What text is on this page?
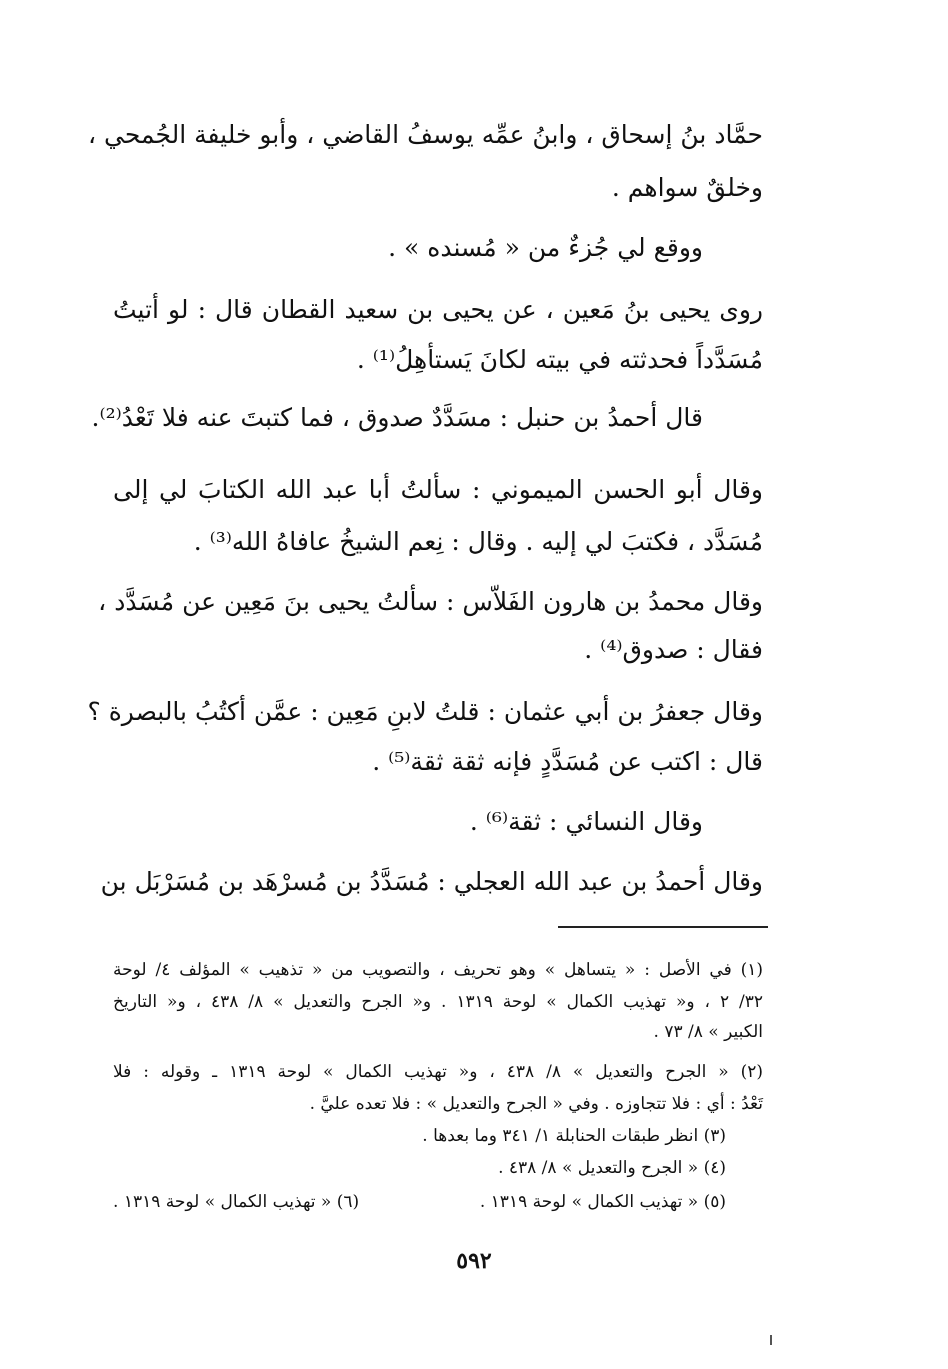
حمَّاد بنُ إسحاق ، وابنُ عمِّه يوسفُ القاضي ، وأبو خليفة الجُمحي ،
وخلقٌ سواهم .
ووقع لي جُزءٌ من « مُسنده » .
روى يحيى بنُ مَعين ، عن يحيى بن سعيد القطان قال : لو أتيتُ
مُسَدَّداً فحدثته في بيته لكانَ يَستأهِلُ⁽¹⁾ .
قال أحمدُ بن حنبل : مسَدَّدٌ صدوق ، فما كتبتَ عنه فلا تَعْدُ⁽²⁾.
وقال أبو الحسن الميموني : سألتُ أبا عبد الله الكتابَ لي إلى
مُسَدَّد ، فكتبَ لي إليه . وقال : نِعم الشيخُ عافاهُ الله⁽³⁾ .
وقال محمدُ بن هارون الفَلاّس : سألتُ يحيى بنَ مَعِين عن مُسَدَّد ،
فقال : صدوق⁽⁴⁾ .
وقال جعفرُ بن أبي عثمان : قلتُ لابنِ مَعِين : عمَّن أكتُبُ بالبصرة ؟
قال : اكتب عن مُسَدَّدٍ فإنه ثقة ثقة⁽⁵⁾ .
وقال النسائي : ثقة⁽⁶⁾ .
وقال أحمدُ بن عبد الله العجلي : مُسَدَّدُ بن مُسرْهَد بن مُسَرْبَل بن
(١) في الأصل : « يتساهل » وهو تحريف ، والتصويب من « تذهيب » المؤلف ٤/ لوحة
٣٢/ ٢ ، و« تهذيب الكمال » لوحة ١٣١٩ . و« الجرح والتعديل » ٨/ ٤٣٨ ، و« التاريخ
الكبير » ٨/ ٧٣ .
(٢) « الجرح والتعديل » ٨/ ٤٣٨ ، و« تهذيب الكمال » لوحة ١٣١٩ ـ وقوله : فلا
تَعْدُ : أي : فلا تتجاوزه . وفي « الجرح والتعديل » : فلا تعده عليَّ .
(٣) انظر طبقات الحنابلة ١/ ٣٤١ وما بعدها .
(٤) « الجرح والتعديل » ٨/ ٤٣٨ .
(٥) « تهذيب الكمال » لوحة ١٣١٩ .
(٦) « تهذيب الكمال » لوحة ١٣١٩ .
٥٩٢
